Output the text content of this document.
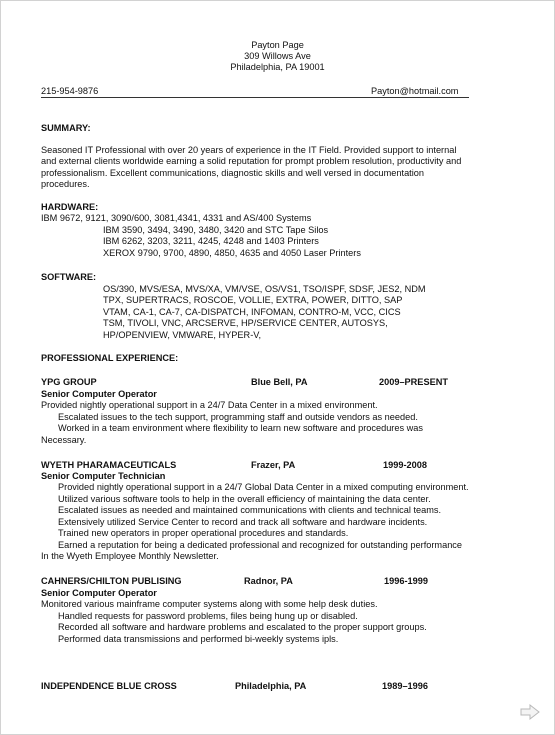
Payton Page
309 Willows Ave
Philadelphia, PA 19001
215-954-9876	Payton@hotmail.com
SUMMARY:
Seasoned IT Professional with over 20 years of experience in the IT Field. Provided support to internal
and external clients worldwide earning a solid reputation for prompt problem resolution, productivity and
professionalism. Excellent communications, diagnostic skills and well versed in documentation
procedures.
HARDWARE:
IBM 9672, 9121, 3090/600, 3081,4341, 4331 and AS/400 Systems
IBM 3590, 3494, 3490, 3480, 3420 and STC Tape Silos
IBM 6262, 3203, 3211, 4245, 4248 and 1403 Printers
XEROX 9790, 9700, 4890, 4850, 4635 and 4050 Laser Printers
SOFTWARE:
OS/390, MVS/ESA, MVS/XA, VM/VSE, OS/VS1, TSO/ISPF, SDSF, JES2, NDM
TPX, SUPERTRACS, ROSCOE, VOLLIE, EXTRA, POWER, DITTO, SAP
VTAM, CA-1, CA-7, CA-DISPATCH, INFOMAN, CONTRO-M, VCC, CICS
TSM, TIVOLI, VNC, ARCSERVE, HP/SERVICE CENTER, AUTOSYS,
HP/OPENVIEW, VMWARE, HYPER-V,
PROFESSIONAL EXPERIENCE:
YPG GROUP	Blue Bell, PA	2009–PRESENT
Senior Computer Operator
Provided nightly operational support in a 24/7 Data Center in a mixed environment.
Escalated issues to the tech support, programming staff and outside vendors as needed.
Worked in a team environment where flexibility to learn new software and procedures was
Necessary.
WYETH PHARAMACEUTICALS	Frazer, PA	1999-2008
Senior Computer Technician
Provided nightly operational support in a 24/7 Global Data Center in a mixed computing environment.
Utilized various software tools to help in the overall efficiency of maintaining the data center.
Escalated issues as needed and maintained communications with clients and technical teams.
Extensively utilized Service Center to record and track all software and hardware incidents.
Trained new operators in proper operational procedures and standards.
Earned a reputation for being a dedicated professional and recognized for outstanding performance
In the Wyeth Employee Monthly Newsletter.
CAHNERS/CHILTON PUBLISING	Radnor, PA	1996-1999
Senior Computer Operator
Monitored various mainframe computer systems along with some help desk duties.
Handled requests for password problems, files being hung up or disabled.
Recorded all software and hardware problems and escalated to the proper support groups.
Performed data transmissions and performed bi-weekly systems ipls.
INDEPENDENCE BLUE CROSS	Philadelphia, PA	1989–1996
